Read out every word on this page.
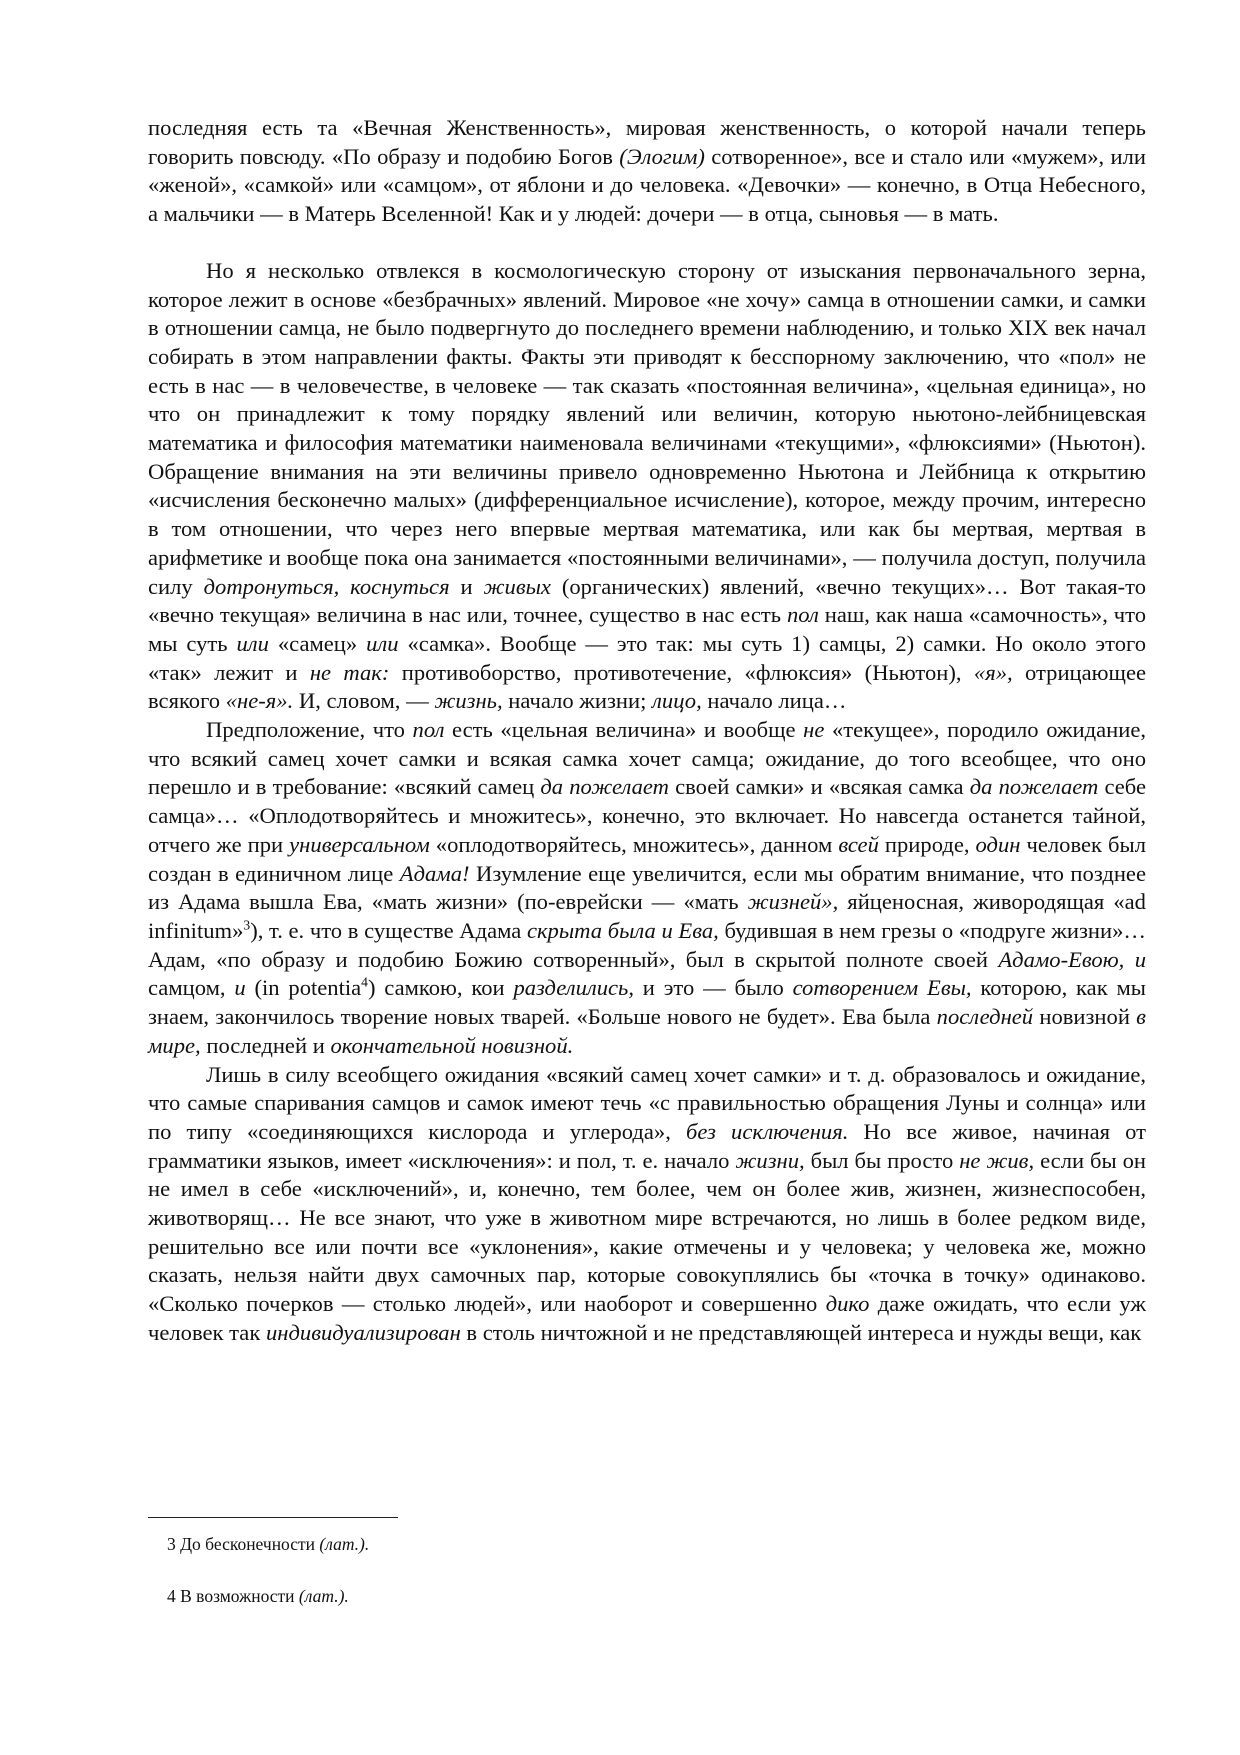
последняя есть та «Вечная Женственность», мировая женственность, о которой начали теперь говорить повсюду. «По образу и подобию Богов (Элогим) сотворенное», все и стало или «мужем», или «женой», «самкой» или «самцом», от яблони и до человека. «Девочки» — конечно, в Отца Небесного, а мальчики — в Матерь Вселенной! Как и у людей: дочери — в отца, сыновья — в мать.

Но я несколько отвлекся в космологическую сторону от изыскания первоначального зерна, которое лежит в основе «безбрачных» явлений. Мировое «не хочу» самца в отношении самки, и самки в отношении самца, не было подвергнуто до последнего времени наблюдению, и только XIX век начал собирать в этом направлении факты. Факты эти приводят к бесспорному заключению, что «пол» не есть в нас — в человечестве, в человеке — так сказать «постоянная величина», «цельная единица», но что он принадлежит к тому порядку явлений или величин, которую ньютоно-лейбницевская математика и философия математики наименовала величинами «текущими», «флюксиями» (Ньютон). Обращение внимания на эти величины привело одновременно Ньютона и Лейбница к открытию «исчисления бесконечно малых» (дифференциальное исчисление), которое, между прочим, интересно в том отношении, что через него впервые мертвая математика, или как бы мертвая, мертвая в арифметике и вообще пока она занимается «постоянными величинами», — получила доступ, получила силу дотронуться, коснуться и живых (органических) явлений, «вечно текущих»… Вот такая-то «вечно текущая» величина в нас или, точнее, существо в нас есть пол наш, как наша «самочность», что мы суть или «самец» или «самка». Вообще — это так: мы суть 1) самцы, 2) самки. Но около этого «так» лежит и не так: противоборство, противотечение, «флюксия» (Ньютон), «я», отрицающее всякого «не-я». И, словом, — жизнь, начало жизни; лицо, начало лица…

Предположение, что пол есть «цельная величина» и вообще не «текущее», породило ожидание, что всякий самец хочет самки и всякая самка хочет самца; ожидание, до того всеобщее, что оно перешло и в требование: «всякий самец да пожелает своей самки» и «всякая самка да пожелает себе самца»… «Оплодотворяйтесь и множитесь», конечно, это включает. Но навсегда останется тайной, отчего же при универсальном «оплодотворяйтесь, множитесь», данном всей природе, один человек был создан в единичном лице Адама! Изумление еще увеличится, если мы обратим внимание, что позднее из Адама вышла Ева, «мать жизни» (по-еврейски — «мать жизней», яйценосная, живородящая «ad infinitum»$^3$), т. е. что в существе Адама скрыта была и Ева, будившая в нем грезы о «подруге жизни»… Адам, «по образу и подобию Божию сотворенный», был в скрытой полноте своей Адамо-Евою, и самцом, и (in potentia$^4$) самкою, кои разделились, и это — было сотворением Евы, которою, как мы знаем, закончилось творение новых тварей. «Больше нового не будет». Ева была последней новизной в мире, последней и окончательной новизной.

Лишь в силу всеобщего ожидания «всякий самец хочет самки» и т. д. образовалось и ожидание, что самые спаривания самцов и самок имеют течь «с правильностью обращения Луны и солнца» или по типу «соединяющихся кислорода и углерода», без исключения. Но все живое, начиная от грамматики языков, имеет «исключения»: и пол, т. е. начало жизни, был бы просто не жив, если бы он не имел в себе «исключений», и, конечно, тем более, чем он более жив, жизнен, жизнеспособен, животворящ… Не все знают, что уже в животном мире встречаются, но лишь в более редком виде, решительно все или почти все «уклонения», какие отмечены и у человека; у человека же, можно сказать, нельзя найти двух самочных пар, которые совокуплялись бы «точка в точку» одинаково. «Сколько почерков — столько людей», или наоборот и совершенно дико даже ожидать, что если уж человек так индивидуализирован в столь ничтожной и не представляющей интереса и нужды вещи, как

3 До бесконечности (лат.).
4 В возможности (лат.).
